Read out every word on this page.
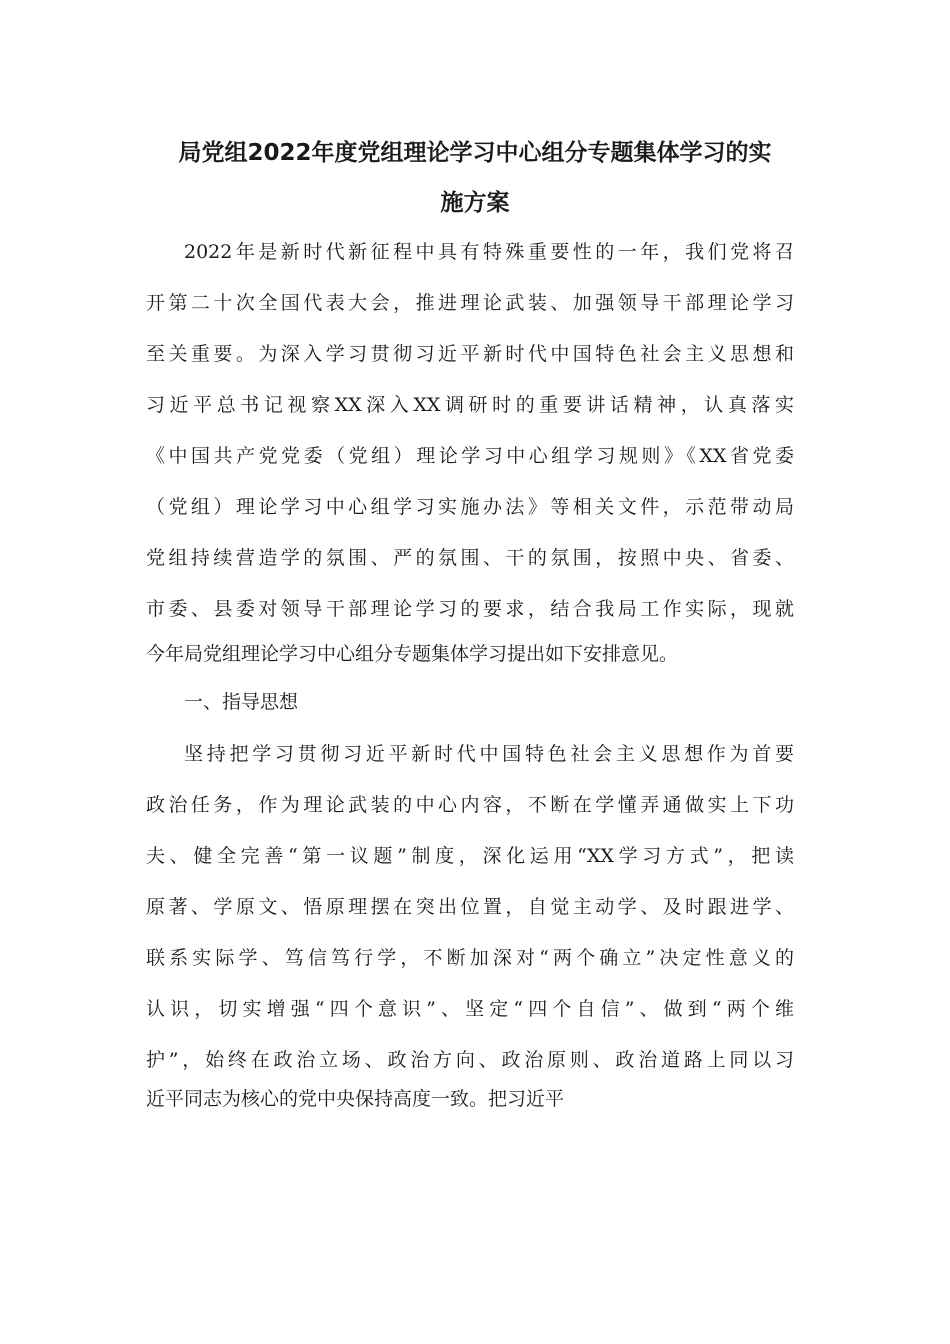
局党组2022年度党组理论学习中心组分专题集体学习的实

施方案

2022年是新时代新征程中具有特殊重要性的一年，我们党将召

开第二十次全国代表大会，推进理论武装、加强领导干部理论学习

至关重要。为深入学习贯彻习近平新时代中国特色社会主义思想和

习近平总书记视察XX深入XX调研时的重要讲话精神，认真落实

《中国共产党党委（党组）理论学习中心组学习规则》《XX省党委

（党组）理论学习中心组学习实施办法》等相关文件，示范带动局

党组持续营造学的氛围、严的氛围、干的氛围，按照中央、省委、

市委、县委对领导干部理论学习的要求，结合我局工作实际，现就

今年局党组理论学习中心组分专题集体学习提出如下安排意见。

一、指导思想

坚持把学习贯彻习近平新时代中国特色社会主义思想作为首要

政治任务，作为理论武装的中心内容，不断在学懂弄通做实上下功

夫、健全完善“第一议题”制度，深化运用“XX学习方式”，把读

原著、学原文、悟原理摆在突出位置，自觉主动学、及时跟进学、

联系实际学、笃信笃行学，不断加深对“两个确立”决定性意义的

认识，切实增强“四个意识”、坚定“四个自信”、做到“两个维

护”，始终在政治立场、政治方向、政治原则、政治道路上同以习

近平同志为核心的党中央保持高度一致。把习近平
